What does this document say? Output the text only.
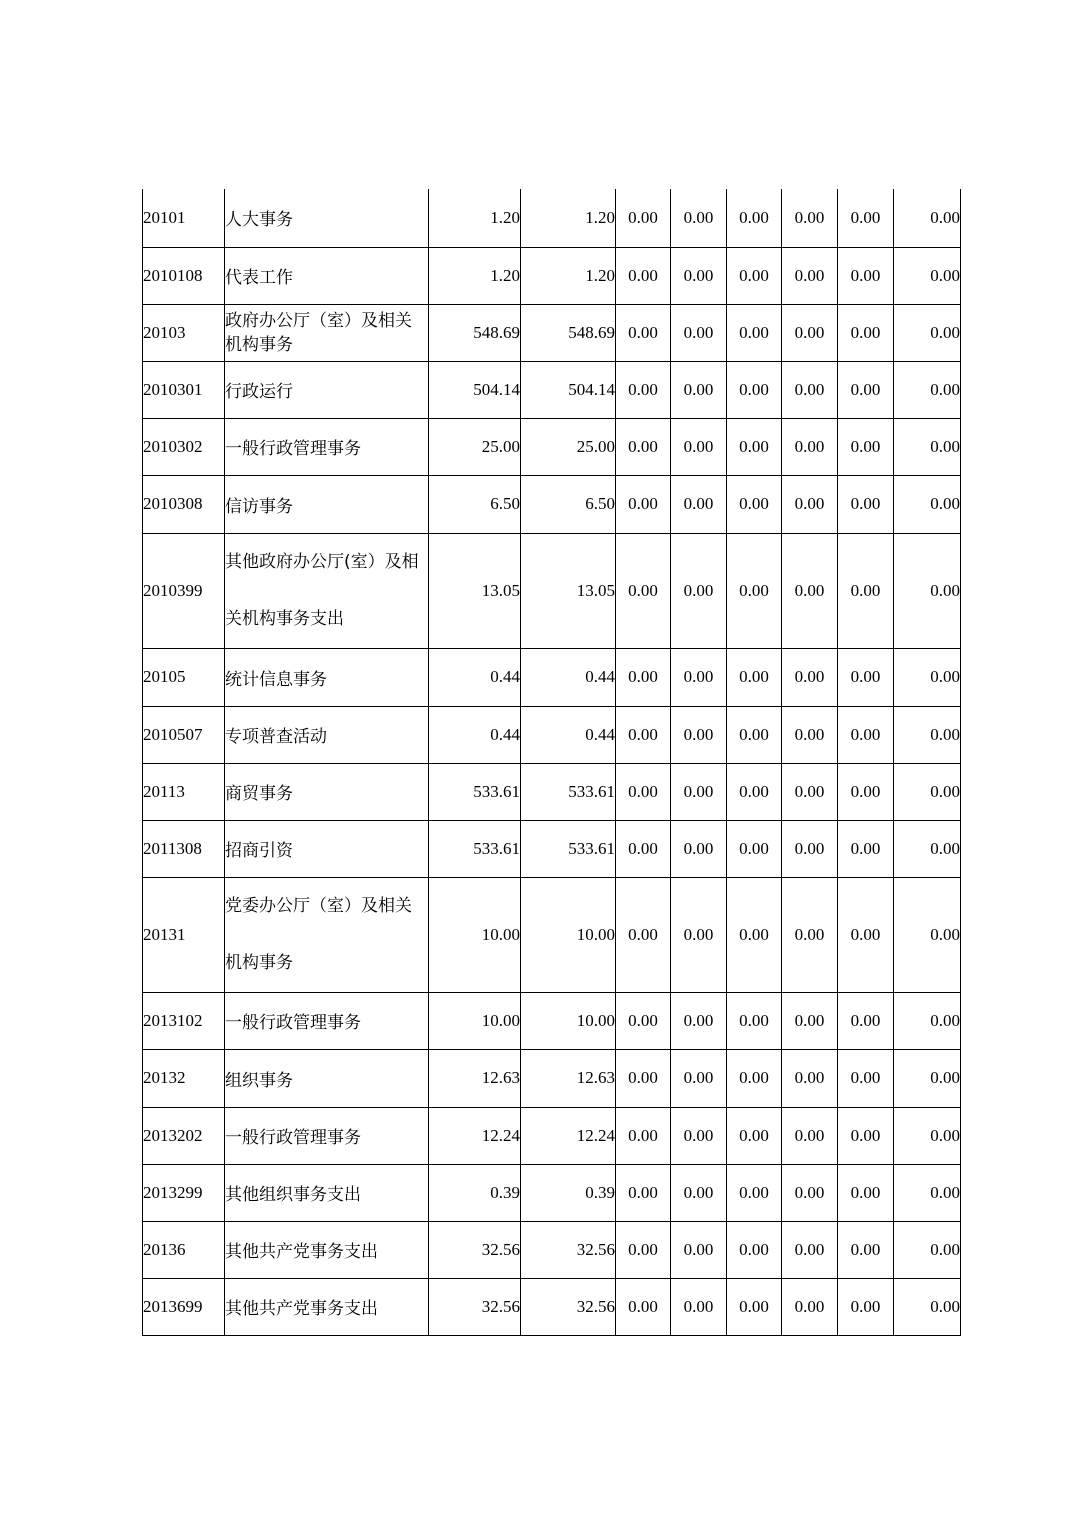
20101	人大事务	1.20	1.20	0.00	0.00	0.00	0.00	0.00	0.00
2010108	代表工作	1.20	1.20	0.00	0.00	0.00	0.00	0.00	0.00
20103	政府办公厅（室）及相关机构事务	548.69	548.69	0.00	0.00	0.00	0.00	0.00	0.00
2010301	行政运行	504.14	504.14	0.00	0.00	0.00	0.00	0.00	0.00
2010302	一般行政管理事务	25.00	25.00	0.00	0.00	0.00	0.00	0.00	0.00
2010308	信访事务	6.50	6.50	0.00	0.00	0.00	0.00	0.00	0.00
2010399	其他政府办公厅(室）及相关机构事务支出	13.05	13.05	0.00	0.00	0.00	0.00	0.00	0.00
20105	统计信息事务	0.44	0.44	0.00	0.00	0.00	0.00	0.00	0.00
2010507	专项普查活动	0.44	0.44	0.00	0.00	0.00	0.00	0.00	0.00
20113	商贸事务	533.61	533.61	0.00	0.00	0.00	0.00	0.00	0.00
2011308	招商引资	533.61	533.61	0.00	0.00	0.00	0.00	0.00	0.00
20131	党委办公厅（室）及相关机构事务	10.00	10.00	0.00	0.00	0.00	0.00	0.00	0.00
2013102	一般行政管理事务	10.00	10.00	0.00	0.00	0.00	0.00	0.00	0.00
20132	组织事务	12.63	12.63	0.00	0.00	0.00	0.00	0.00	0.00
2013202	一般行政管理事务	12.24	12.24	0.00	0.00	0.00	0.00	0.00	0.00
2013299	其他组织事务支出	0.39	0.39	0.00	0.00	0.00	0.00	0.00	0.00
20136	其他共产党事务支出	32.56	32.56	0.00	0.00	0.00	0.00	0.00	0.00
2013699	其他共产党事务支出	32.56	32.56	0.00	0.00	0.00	0.00	0.00	0.00
